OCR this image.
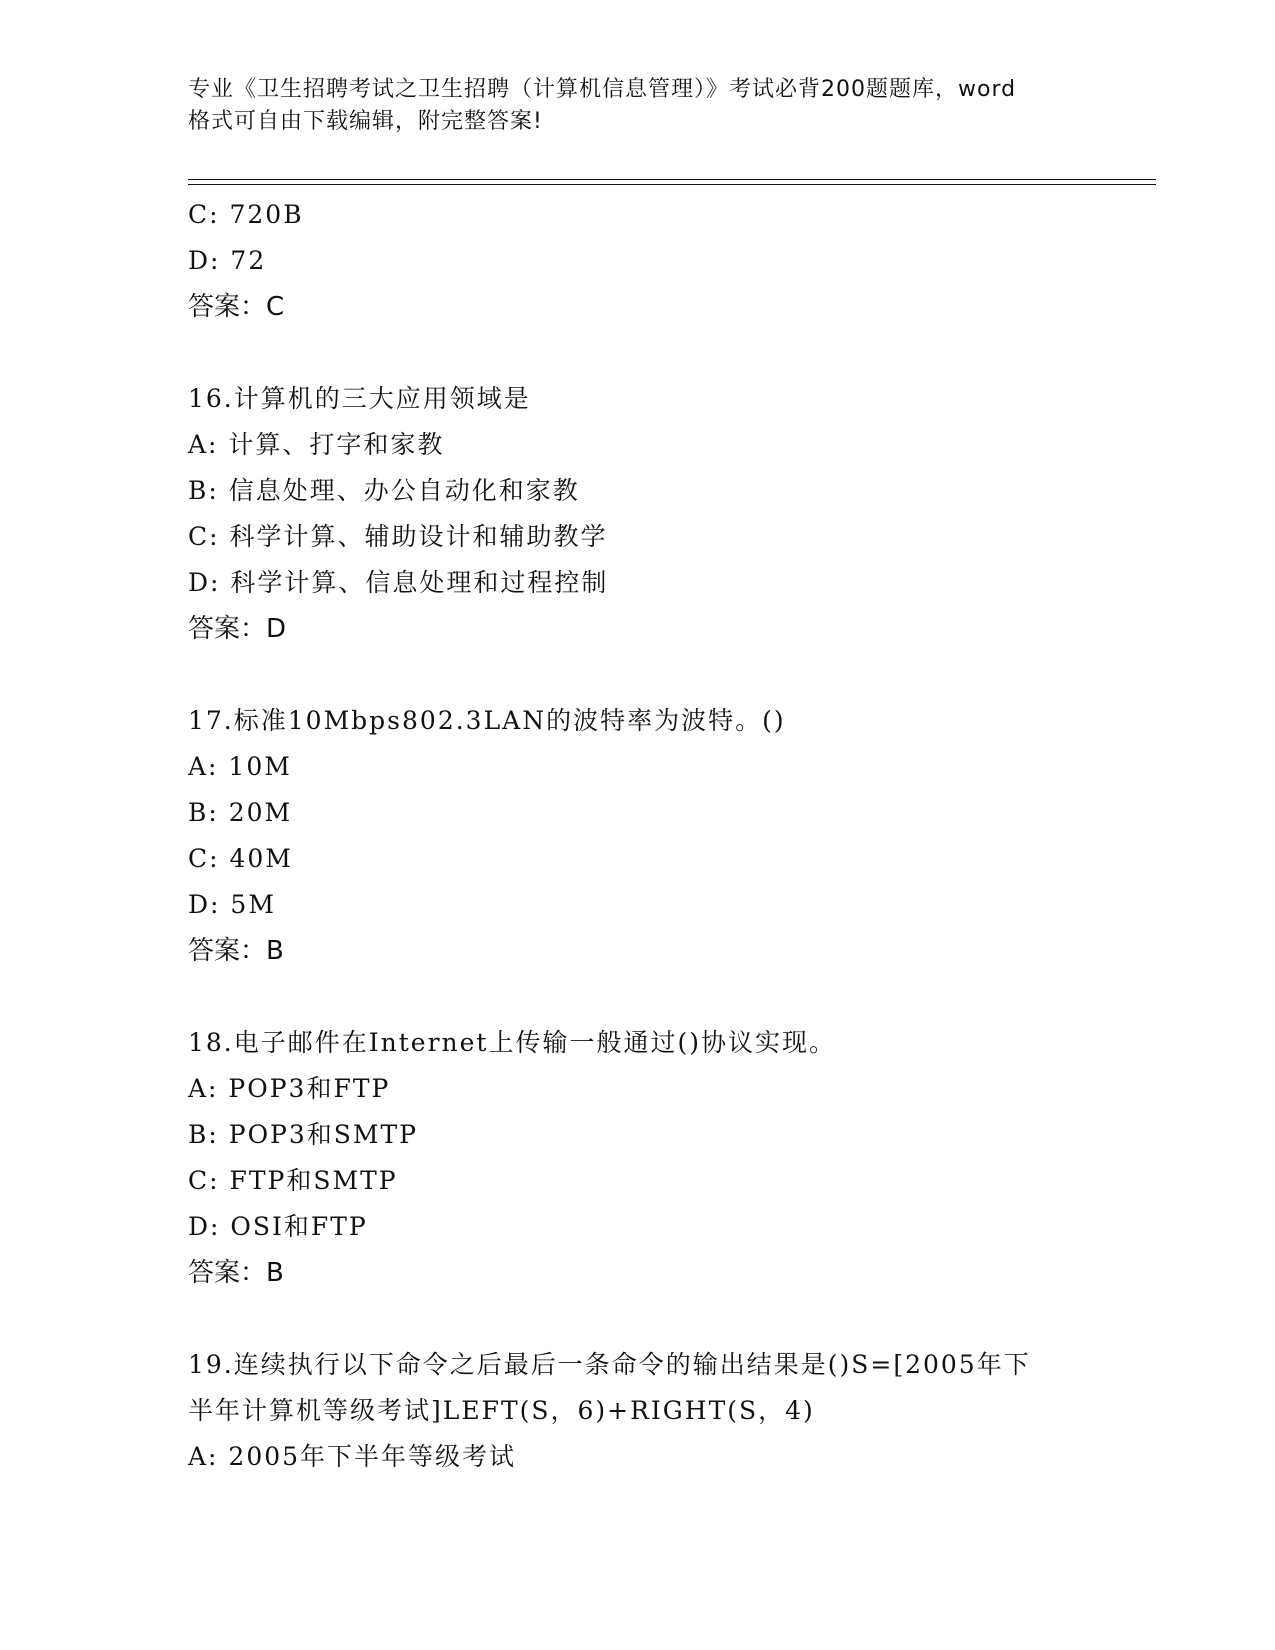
专业《卫生招聘考试之卫生招聘（计算机信息管理）》考试必背200题题库，word
格式可自由下载编辑，附完整答案!
C: 720B
D: 72
答案：C
16.计算机的三大应用领域是
A: 计算、打字和家教
B: 信息处理、办公自动化和家教
C: 科学计算、辅助设计和辅助教学
D: 科学计算、信息处理和过程控制
答案：D
17.标准10Mbps802.3LAN的波特率为波特。()
A: 10M
B: 20M
C: 40M
D: 5M
答案：B
18.电子邮件在Internet上传输一般通过()协议实现。
A: POP3和FTP
B: POP3和SMTP
C: FTP和SMTP
D: OSI和FTP
答案：B
19.连续执行以下命令之后最后一条命令的输出结果是()S=[2005年下
半年计算机等级考试]LEFT(S，6)+RIGHT(S，4)
A: 2005年下半年等级考试
